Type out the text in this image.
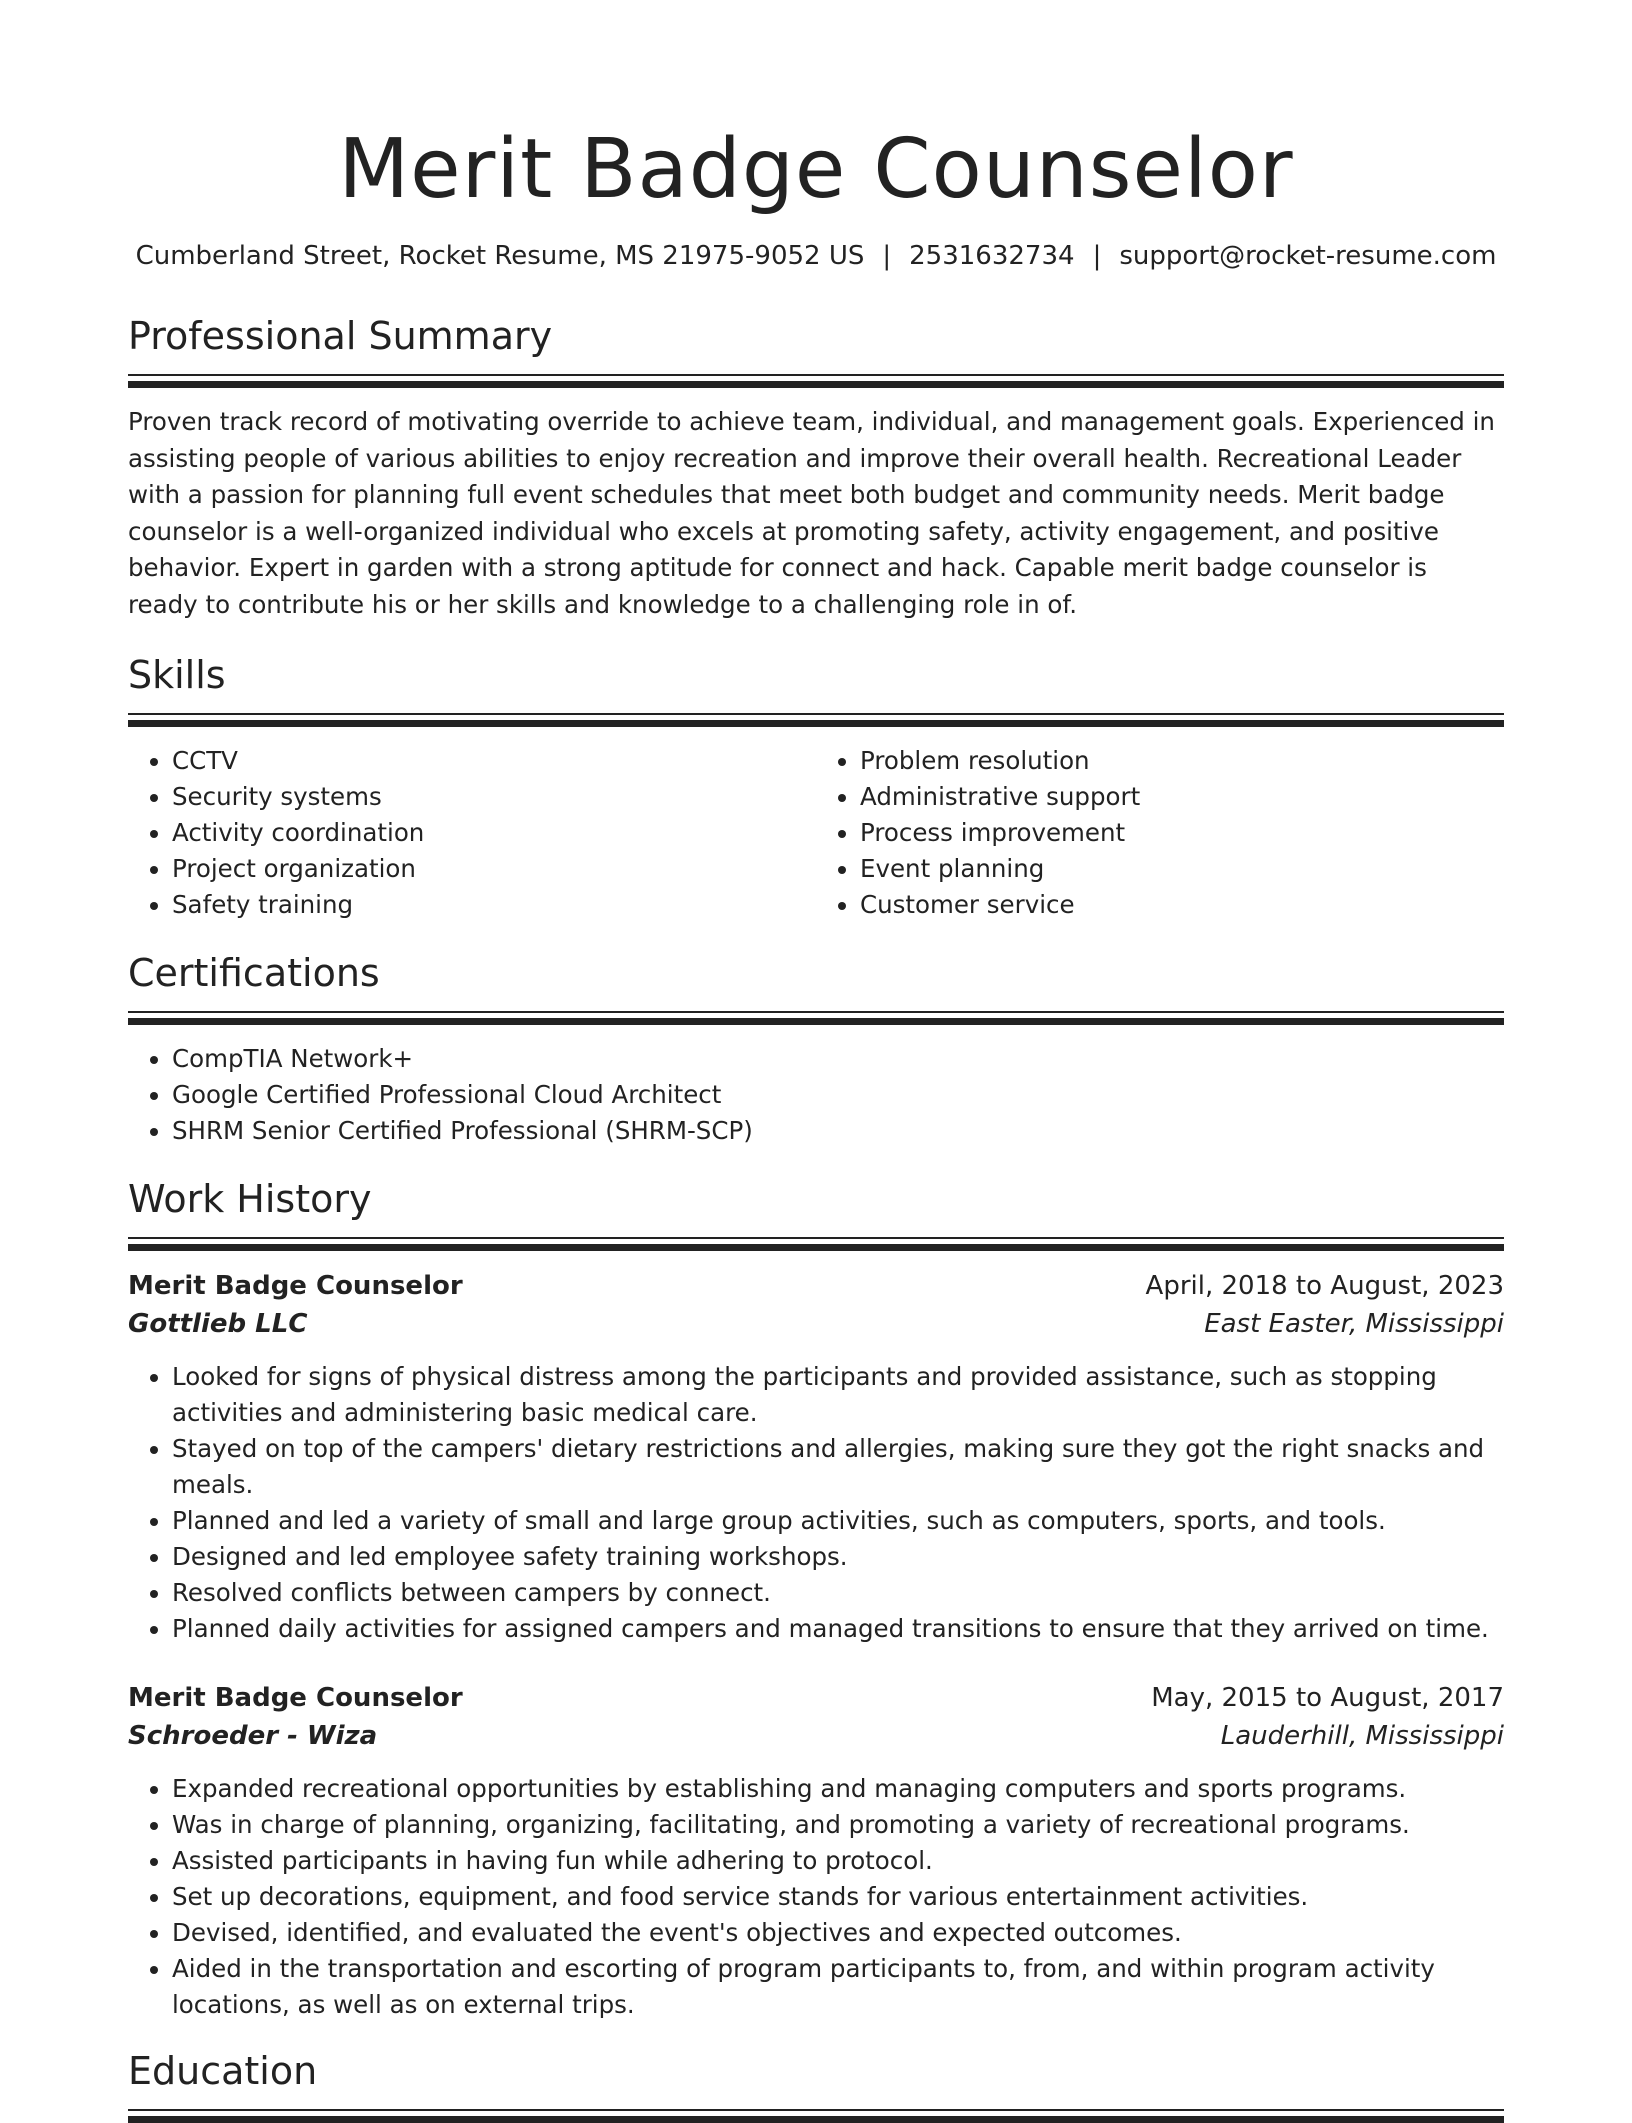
Merit Badge Counselor
Cumberland Street, Rocket Resume, MS 21975-9052 US | 2531632734 | support@rocket-resume.com
Professional Summary
Proven track record of motivating override to achieve team, individual, and management goals. Experienced in assisting people of various abilities to enjoy recreation and improve their overall health. Recreational Leader with a passion for planning full event schedules that meet both budget and community needs. Merit badge counselor is a well-organized individual who excels at promoting safety, activity engagement, and positive behavior. Expert in garden with a strong aptitude for connect and hack. Capable merit badge counselor is ready to contribute his or her skills and knowledge to a challenging role in of.
Skills
• CCTV
• Security systems
• Activity coordination
• Project organization
• Safety training
• Problem resolution
• Administrative support
• Process improvement
• Event planning
• Customer service
Certifications
• CompTIA Network+
• Google Certified Professional Cloud Architect
• SHRM Senior Certified Professional (SHRM-SCP)
Work History
Merit Badge Counselor	April, 2018 to August, 2023
Gottlieb LLC	East Easter, Mississippi
• Looked for signs of physical distress among the participants and provided assistance, such as stopping activities and administering basic medical care.
• Stayed on top of the campers' dietary restrictions and allergies, making sure they got the right snacks and meals.
• Planned and led a variety of small and large group activities, such as computers, sports, and tools.
• Designed and led employee safety training workshops.
• Resolved conflicts between campers by connect.
• Planned daily activities for assigned campers and managed transitions to ensure that they arrived on time.
Merit Badge Counselor	May, 2015 to August, 2017
Schroeder - Wiza	Lauderhill, Mississippi
• Expanded recreational opportunities by establishing and managing computers and sports programs.
• Was in charge of planning, organizing, facilitating, and promoting a variety of recreational programs.
• Assisted participants in having fun while adhering to protocol.
• Set up decorations, equipment, and food service stands for various entertainment activities.
• Devised, identified, and evaluated the event's objectives and expected outcomes.
• Aided in the transportation and escorting of program participants to, from, and within program activity locations, as well as on external trips.
Education
